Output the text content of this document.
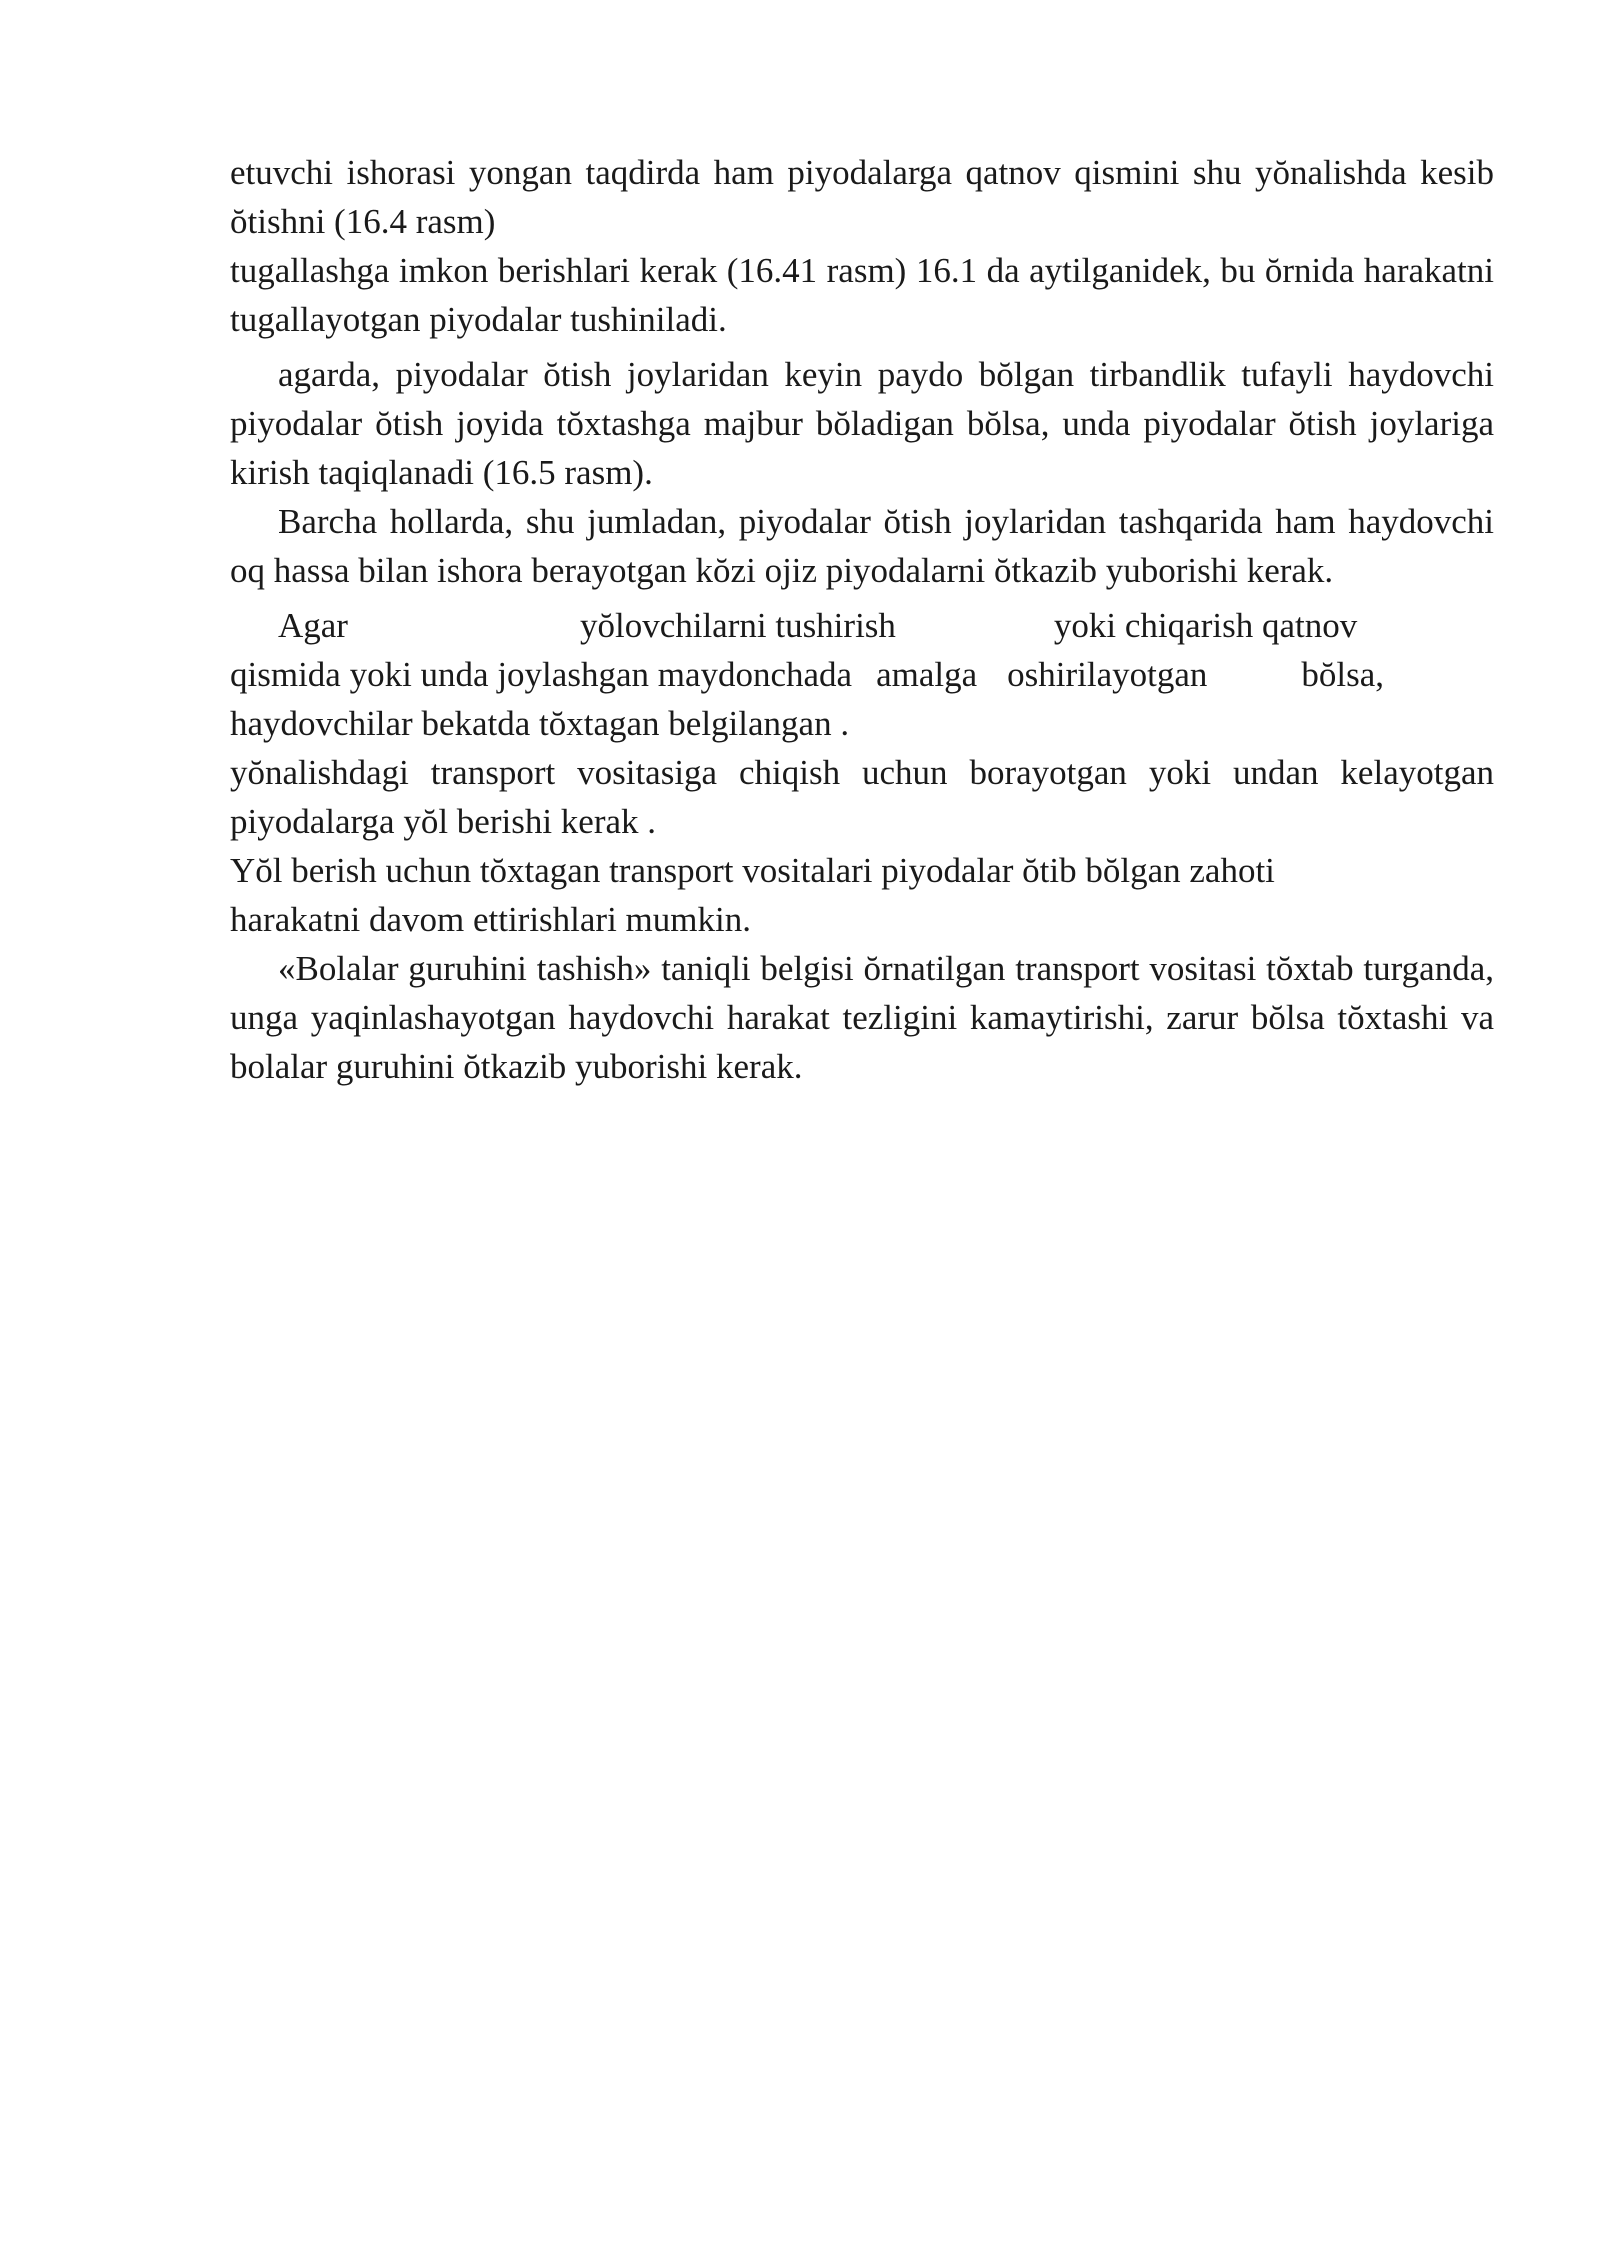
etuvchi ishorasi yongan taqdirda ham piyodalarga qatnov qismini shu yŏnalishda kesib ŏtishni (16.4 rasm)

tugallashga imkon berishlari kerak (16.41 rasm) 16.1 da aytilganidek, bu ŏrnida harakatni tugallayotgan piyodalar tushiniladi.

agarda, piyodalar ŏtish joylaridan keyin paydo bŏlgan tirbandlik tufayli haydovchi piyodalar ŏtish joyida tŏxtashga majbur bŏladigan bŏlsa, unda piyodalar ŏtish joylariga kirish taqiqlanadi (16.5 rasm).

Barcha hollarda, shu jumladan, piyodalar ŏtish joylaridan tashqarida ham haydovchi oq hassa bilan ishora berayotgan kŏzi ojiz piyodalarni ŏtkazib yuborishi kerak.

Agar	yŏlovchilarni tushirish	yoki chiqarish qatnov
qismida yoki unda joylashgan maydonchada amalga oshirilayotgan	bŏlsa,
haydovchilar bekatda tŏxtagan belgilangan .

yŏnalishdagi transport vositasiga chiqish uchun borayotgan yoki undan kelayotgan piyodalarga yŏl berishi kerak .

Yŏl berish uchun tŏxtagan transport vositalari piyodalar ŏtib bŏlgan zahoti
harakatni davom ettirishlari mumkin.

«Bolalar guruhini tashish» taniqli belgisi ŏrnatilgan transport vositasi tŏxtab turganda, unga yaqinlashayotgan haydovchi harakat tezligini kamaytirishi, zarur bŏlsa tŏxtashi va bolalar guruhini ŏtkazib yuborishi kerak.
